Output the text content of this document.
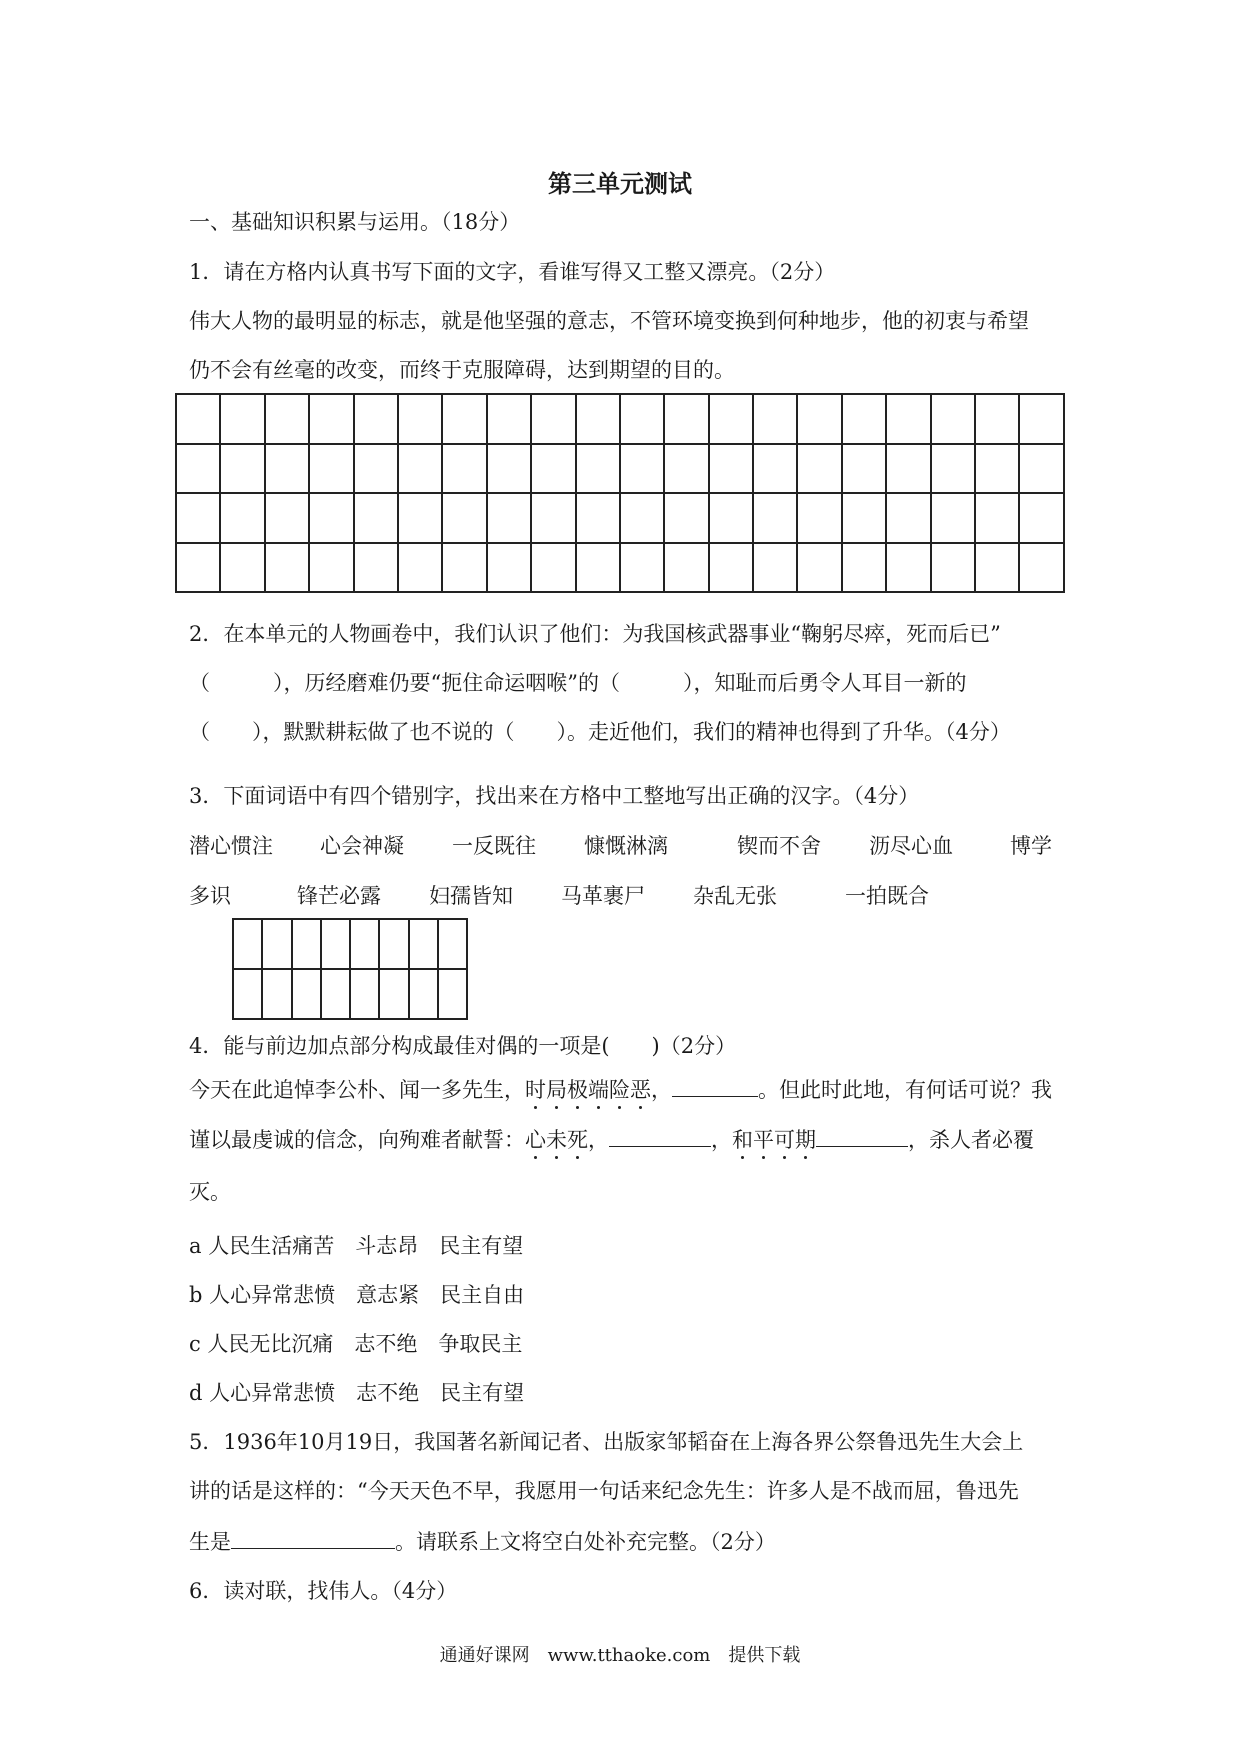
第三单元测试
一、基础知识积累与运用。（18分）
1．请在方格内认真书写下面的文字，看谁写得又工整又漂亮。（2分）
伟大人物的最明显的标志，就是他坚强的意志，不管环境变换到何种地步，他的初衷与希望
仍不会有丝毫的改变，而终于克服障碍，达到期望的目的。

2．在本单元的人物画卷中，我们认识了他们：为我国核武器事业“鞠躬尽瘁，死而后已”
（　　　），历经磨难仍要“扼住命运咽喉”的（　　　），知耻而后勇令人耳目一新的
（　　），默默耕耘做了也不说的（　　）。走近他们，我们的精神也得到了升华。（4分）
3．下面词语中有四个错别字，找出来在方格中工整地写出正确的汉字。（4分）
潜心惯注 心会神凝 一反既往 慷慨淋漓	锲而不舍 沥尽心血	博学
多识	锋芒必露 妇孺皆知 马革裹尸 杂乱无张	一拍既合

4．能与前边加点部分构成最佳对偶的一项是(　　)（2分）
今天在此追悼李公朴、闻一多先生，时局极端险恶，	。但此时此地，有何话可说？我
谨以最虔诚的信念，向殉难者献誓：心未死，	，和平可期	，杀人者必覆
灭。
a 人民生活痛苦　斗志昂　民主有望
b 人心异常悲愤　意志紧　民主自由
c 人民无比沉痛　志不绝　争取民主
d 人心异常悲愤　志不绝　民主有望
5．1936年10月19日，我国著名新闻记者、出版家邹韬奋在上海各界公祭鲁迅先生大会上
讲的话是这样的：“今天天色不早，我愿用一句话来纪念先生：许多人是不战而屈，鲁迅先
生是	。请联系上文将空白处补充完整。（2分）
6．读对联，找伟人。（4分）
通通好课网　www.tthaoke.com　提供下载
